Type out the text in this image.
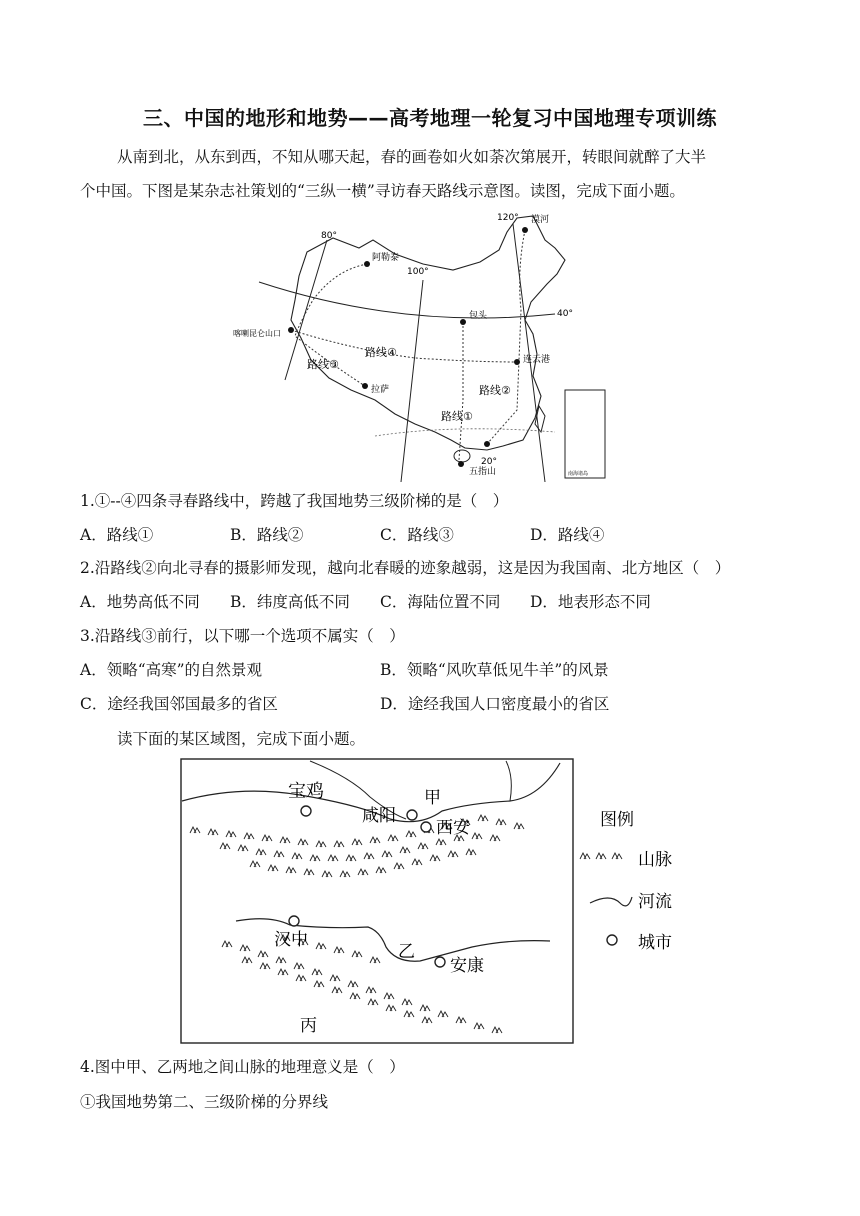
三、中国的地形和地势——高考地理一轮复习中国地理专项训练
从南到北，从东到西，不知从哪天起，春的画卷如火如荼次第展开，转眼间就醉了大半
个中国。下图是某杂志社策划的“三纵一横”寻访春天路线示意图。读图，完成下面小题。
80°
100°
120°
40°
20°
阿勒泰
喀喇昆仑山口
拉萨
包头
连云港
漠河
五指山
路线①
路线②
路线③
路线④
南海诸岛
1.①--④四条寻春路线中，跨越了我国地势三级阶梯的是（　）
A．路线①	B．路线②	C．路线③	D．路线④
2.沿路线②向北寻春的摄影师发现，越向北春暖的迹象越弱，这是因为我国南、北方地区（　）
A．地势高低不同 B．纬度高低不同 C．海陆位置不同 D．地表形态不同
3.沿路线③前行，以下哪一个选项不属实（　）
A．领略“高寒”的自然景观	B．领略“风吹草低见牛羊”的风景
C．途经我国邻国最多的省区	D．途经我国人口密度最小的省区
读下面的某区域图，完成下面小题。
宝鸡
咸阳
西安
汉中
安康
甲
乙
丙
图例
山脉
河流
城市
4.图中甲、乙两地之间山脉的地理意义是（　）
①我国地势第二、三级阶梯的分界线
